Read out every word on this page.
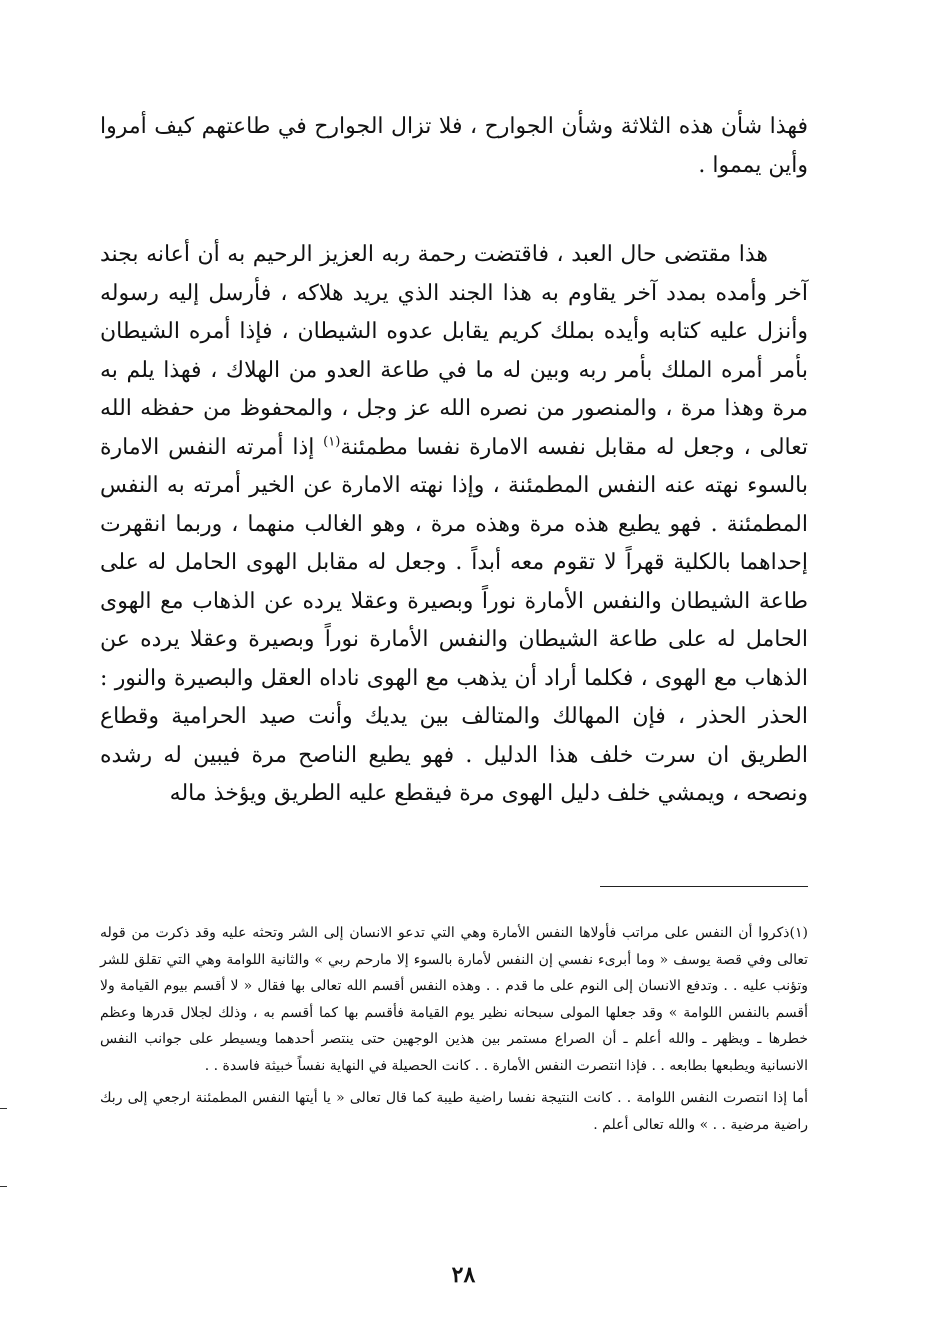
فهذا شأن هذه الثلاثة وشأن الجوارح ، فلا تزال الجوارح في طاعتهم كيف أمروا وأين يمموا .

هذا مقتضى حال العبد ، فاقتضت رحمة ربه العزيز الرحيم به أن أعانه بجند آخر وأمده بمدد آخر يقاوم به هذا الجند الذي يريد هلاكه ، فأرسل إليه رسوله وأنزل عليه كتابه وأيده بملك كريم يقابل عدوه الشيطان ، فإذا أمره الشيطان بأمر أمره الملك بأمر ربه وبين له ما في طاعة العدو من الهلاك ، فهذا يلم به مرة وهذا مرة ، والمنصور من نصره الله عز وجل ، والمحفوظ من حفظه الله تعالى ، وجعل له مقابل نفسه الامارة نفسا مطمئنة$^{(١)}$ إذا أمرته النفس الامارة بالسوء نهته عنه النفس المطمئنة ، وإذا نهته الامارة عن الخير أمرته به النفس المطمئنة . فهو يطيع هذه مرة وهذه مرة ، وهو الغالب منهما ، وربما انقهرت إحداهما بالكلية قهراً لا تقوم معه أبداً . وجعل له مقابل الهوى الحامل له على طاعة الشيطان والنفس الأمارة نوراً وبصيرة وعقلا يرده عن الذهاب مع الهوى الحامل له على طاعة الشيطان والنفس الأمارة نوراً وبصيرة وعقلا يرده عن الذهاب مع الهوى ، فكلما أراد أن يذهب مع الهوى ناداه العقل والبصيرة والنور : الحذر الحذر ، فإن المهالك والمتالف بين يديك وأنت صيد الحرامية وقطاع الطريق ان سرت خلف هذا الدليل . فهو يطيع الناصح مرة فيبين له رشده ونصحه ، ويمشي خلف دليل الهوى مرة فيقطع عليه الطريق ويؤخذ ماله

(١)ذكروا أن النفس على مراتب فأولاها النفس الأمارة وهي التي تدعو الانسان إلى الشر وتحثه عليه وقد ذكرت من قوله تعالى وفي قصة يوسف « وما أبرىء نفسي إن النفس لأمارة بالسوء إلا مارحم ربي » والثانية اللوامة وهي التي تقلق للشر وتؤنب عليه . . وتدفع الانسان إلى النوم على ما قدم . . وهذه النفس أقسم الله تعالى بها فقال « لا أقسم بيوم القيامة ولا أقسم بالنفس اللوامة » وقد جعلها المولى سبحانه نظير يوم القيامة فأقسم بها كما أقسم به ، وذلك لجلال قدرها وعظم خطرها ـ ويظهر ـ والله أعلم ـ أن الصراع مستمر بين هذين الوجهين حتى ينتصر أحدهما ويسيطر على جوانب النفس الانسانية ويطبعها بطابعه . . فإذا انتصرت النفس الأمارة . . كانت الحصيلة في النهاية نفساً خبيثة فاسدة . .

أما إذا انتصرت النفس اللوامة . . كانت النتيجة نفسا راضية طيبة كما قال تعالى « يا أيتها النفس المطمئنة ارجعي إلى ربك راضية مرضية . . » والله تعالى أعلم .

٢٨
